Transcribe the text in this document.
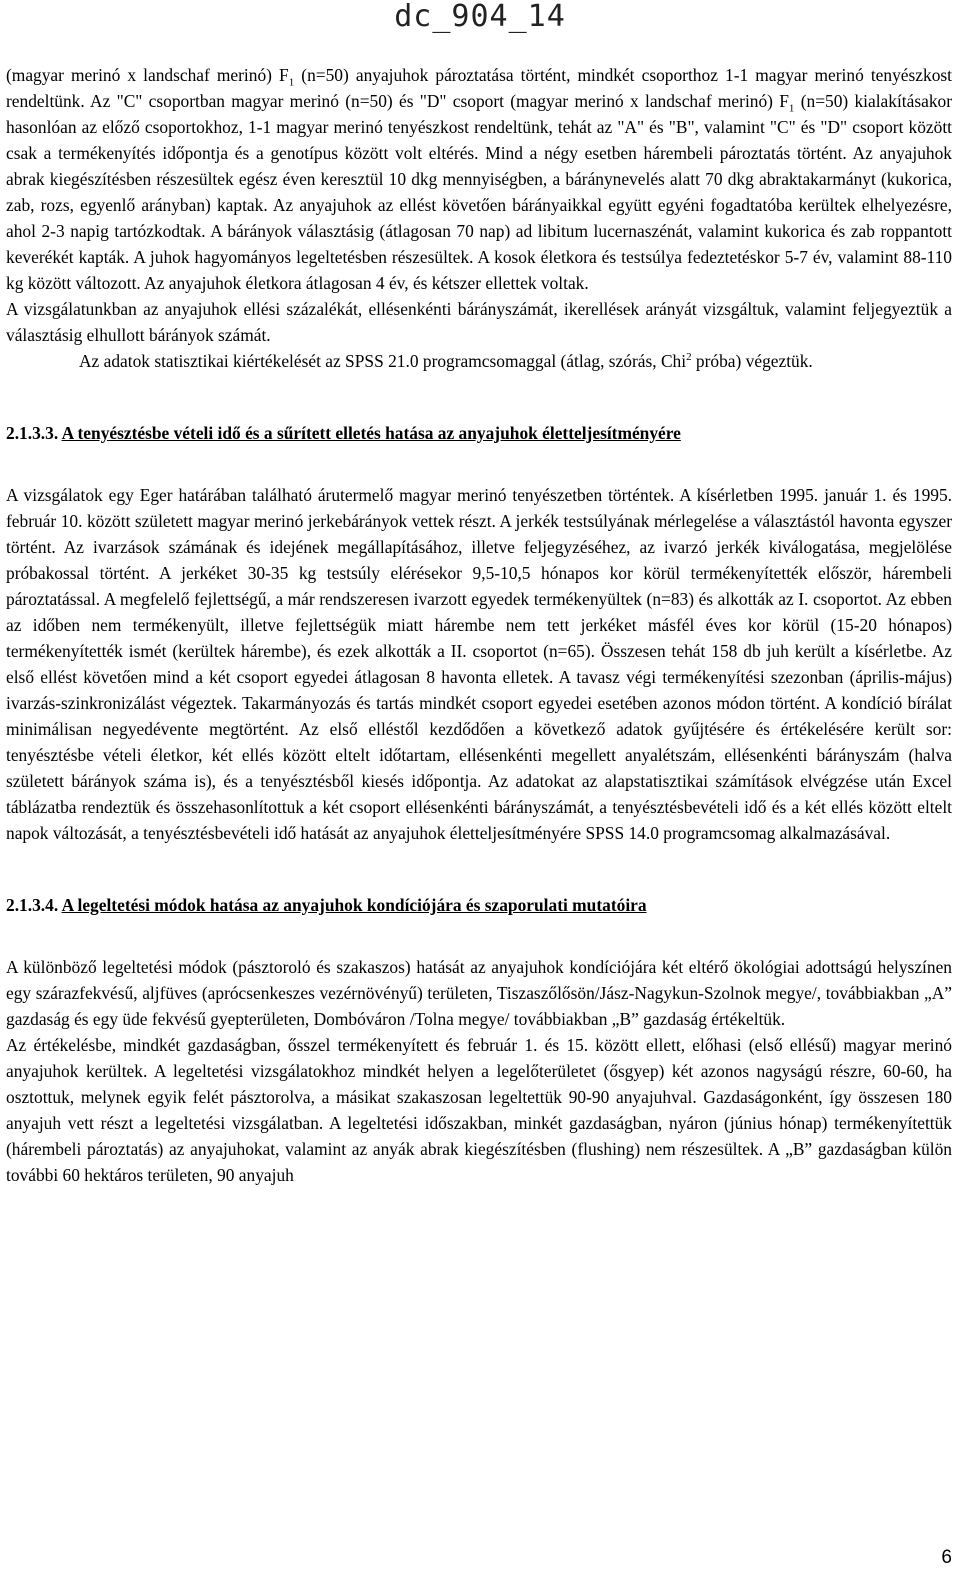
dc_904_14

(magyar merinó x landschaf merinó) $F_1$ (n=50) anyajuhok pároztatása történt, mindkét csoporthoz 1-1 magyar merinó tenyészkost rendeltünk. Az "C" csoportban magyar merinó (n=50) és "D" csoport (magyar merinó x landschaf merinó) $F_1$ (n=50) kialakításakor hasonlóan az előző csoportokhoz, 1-1 magyar merinó tenyészkost rendeltünk, tehát az "A" és "B", valamint "C" és "D" csoport között csak a termékenyítés időpontja és a genotípus között volt eltérés. Mind a négy esetben hárembeli pároztatás történt. Az anyajuhok abrak kiegészítésben részesültek egész éven keresztül 10 dkg mennyiségben, a báránynevelés alatt 70 dkg abraktakarmányt (kukorica, zab, rozs, egyenlő arányban) kaptak. Az anyajuhok az ellést követően bárányaikkal együtt egyéni fogadtatóba kerültek elhelyezésre, ahol 2-3 napig tartózkodtak. A bárányok választásig (átlagosan 70 nap) ad libitum lucernaszénát, valamint kukorica és zab roppantott keverékét kapták. A juhok hagyományos legeltetésben részesültek. A kosok életkora és testsúlya fedeztetéskor 5-7 év, valamint 88-110 kg között változott. Az anyajuhok életkora átlagosan 4 év, és kétszer ellettek voltak.

A vizsgálatunkban az anyajuhok ellési százalékát, ellésenkénti bárányszámát, ikerellések arányát vizsgáltuk, valamint feljegyeztük a választásig elhullott bárányok számát.

Az adatok statisztikai kiértékelését az SPSS 21.0 programcsomaggal (átlag, szórás, Chi$^2$ próba) végeztük.

2.1.3.3. A tenyésztésbe vételi idő és a sűrített elletés hatása az anyajuhok életteljesítményére

A vizsgálatok egy Eger határában található árutermelő magyar merinó tenyészetben történtek. A kísérletben 1995. január 1. és 1995. február 10. között született magyar merinó jerkebárányok vettek részt. A jerkék testsúlyának mérlegelése a választástól havonta egyszer történt. Az ivarzások számának és idejének megállapításához, illetve feljegyzéséhez, az ivarzó jerkék kiválogatása, megjelölése próbakossal történt. A jerkéket 30-35 kg testsúly elérésekor 9,5-10,5 hónapos kor körül termékenyítették először, hárembeli pároztatással. A megfelelő fejlettségű, a már rendszeresen ivarzott egyedek termékenyültek (n=83) és alkották az I. csoportot. Az ebben az időben nem termékenyült, illetve fejlettségük miatt hárembe nem tett jerkéket másfél éves kor körül (15-20 hónapos) termékenyítették ismét (kerültek hárembe), és ezek alkották a II. csoportot (n=65). Összesen tehát 158 db juh került a kísérletbe. Az első ellést követően mind a két csoport egyedei átlagosan 8 havonta elletek. A tavasz végi termékenyítési szezonban (április-május) ivarzás-szinkronizálást végeztek. Takarmányozás és tartás mindkét csoport egyedei esetében azonos módon történt. A kondíció bírálat minimálisan negyedévente megtörtént. Az első elléstől kezdődően a következő adatok gyűjtésére és értékelésére került sor: tenyésztésbe vételi életkor, két ellés között eltelt időtartam, ellésenkénti megellett anyalétszám, ellésenkénti bárányszám (halva született bárányok száma is), és a tenyésztésből kiesés időpontja. Az adatokat az alapstatisztikai számítások elvégzése után Excel táblázatba rendeztük és összehasonlítottuk a két csoport ellésenkénti bárányszámát, a tenyésztésbevételi idő és a két ellés között eltelt napok változását, a tenyésztésbevételi idő hatását az anyajuhok életteljesítményére SPSS 14.0 programcsomag alkalmazásával.

2.1.3.4. A legeltetési módok hatása az anyajuhok kondíciójára és szaporulati mutatóira

A különböző legeltetési módok (pásztorolό és szakaszos) hatását az anyajuhok kondíciójára két eltérő ökológiai adottságú helyszínen egy szárazfekvésű, aljfüves (aprócsenkeszes vezérnövényű) területen, Tiszaszőlősön/Jász-Nagykun-Szolnok megye/, továbbiakban „A” gazdaság és egy üde fekvésű gyepterületen, Dombóváron /Tolna megye/ továbbiakban „B” gazdaság értékeltük.

Az értékelésbe, mindkét gazdaságban, ősszel termékenyített és február 1. és 15. között ellett, előhasi (első ellésű) magyar merinó anyajuhok kerültek. A legeltetési vizsgálatokhoz mindkét helyen a legelőterületet (ősgyep) két azonos nagyságú részre, 60-60, ha osztottuk, melynek egyik felét pásztorolva, a másikat szakaszosan legeltettük 90-90 anyajuhval. Gazdaságonként, így összesen 180 anyajuh vett részt a legeltetési vizsgálatban. A legeltetési időszakban, minkét gazdaságban, nyáron (június hónap) termékenyítettük (hárembeli pároztatás) az anyajuhokat, valamint az anyák abrak kiegészítésben (flushing) nem részesültek. A „B” gazdaságban külön további 60 hektáros területen, 90 anyajuh

6
